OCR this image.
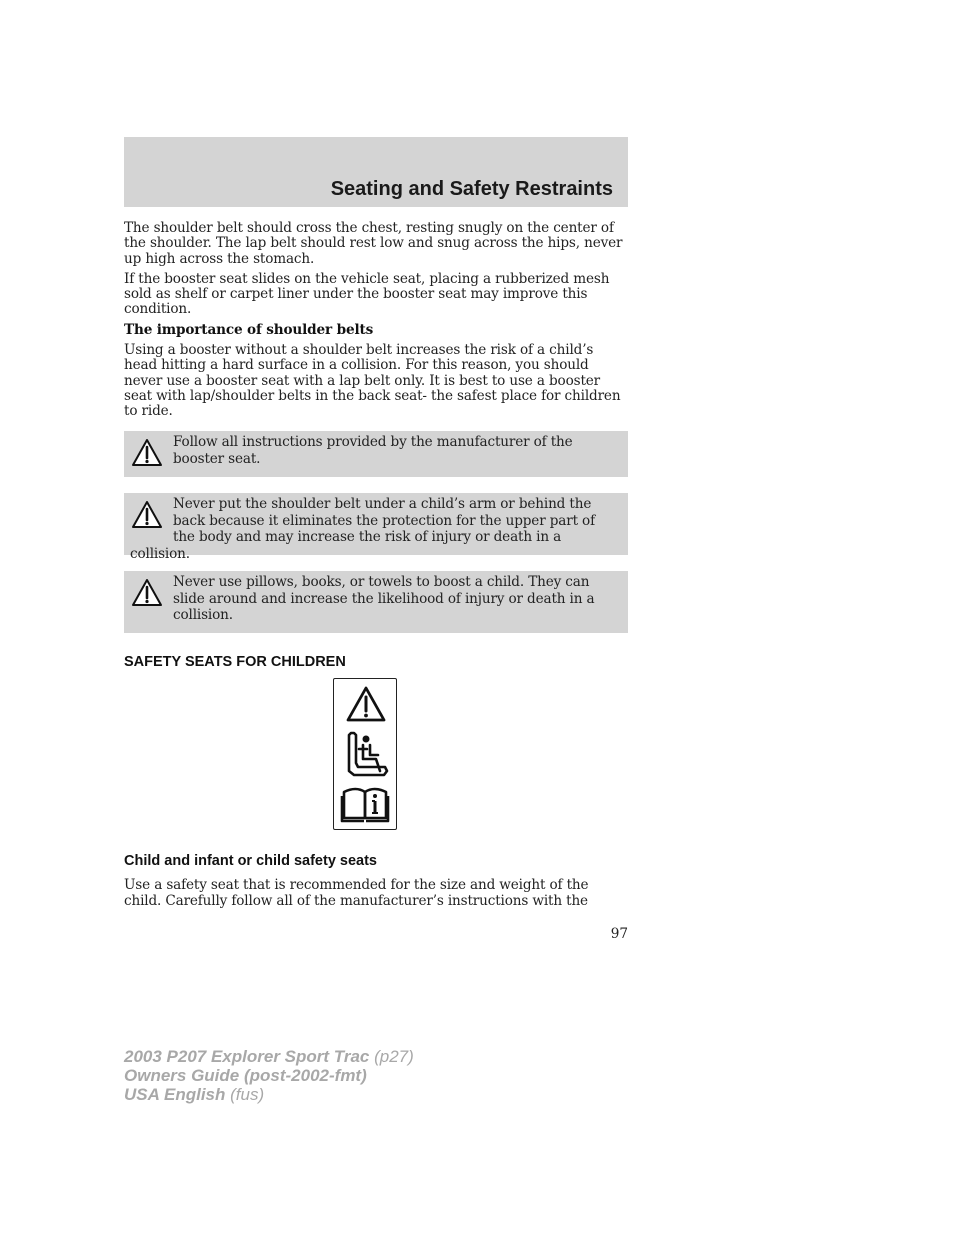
Seating and Safety Restraints

The shoulder belt should cross the chest, resting snugly on the center of the shoulder. The lap belt should rest low and snug across the hips, never up high across the stomach.

If the booster seat slides on the vehicle seat, placing a rubberized mesh sold as shelf or carpet liner under the booster seat may improve this condition.

The importance of shoulder belts

Using a booster without a shoulder belt increases the risk of a child’s head hitting a hard surface in a collision. For this reason, you should never use a booster seat with a lap belt only. It is best to use a booster seat with lap/shoulder belts in the back seat- the safest place for children to ride.

Follow all instructions provided by the manufacturer of the booster seat.
Never put the shoulder belt under a child’s arm or behind the back because it eliminates the protection for the upper part of the body and may increase the risk of injury or death in a collision.
Never use pillows, books, or towels to boost a child. They can slide around and increase the likelihood of injury or death in a collision.
SAFETY SEATS FOR CHILDREN
Child and infant or child safety seats

Use a safety seat that is recommended for the size and weight of the child. Carefully follow all of the manufacturer’s instructions with the

97
2003 P207 Explorer Sport Trac (p27)
Owners Guide (post-2002-fmt)
USA English (fus)
